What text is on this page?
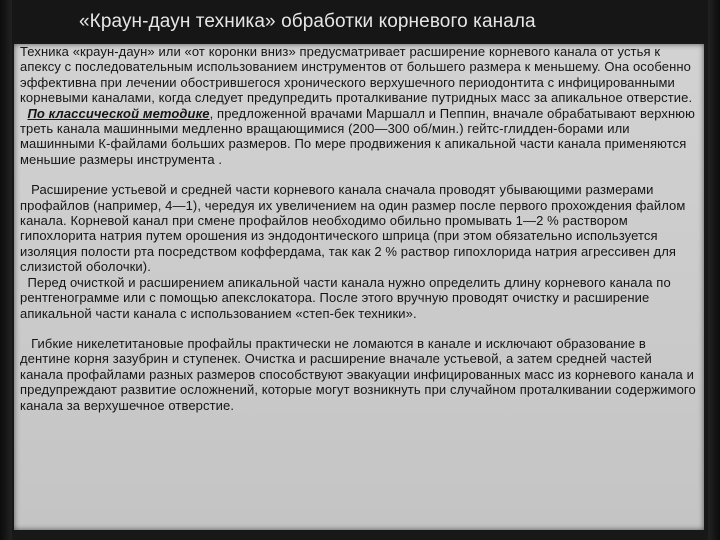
«Краун-даун техника» обработки корневого канала

Техника «краун-даун» или «от коронки вниз» предусматривает расширение корневого канала от устья к апексу с последовательным использованием инструментов от большего размера к меньшему. Она особенно эффективна при лечении обострившегося хронического верхушечного периодонтита с инфицированными корневыми каналами, когда следует предупредить проталкивание путридных масс за апикальное отверстие.

По классической методике, предложенной врачами Маршалл и Пеппин, вначале обрабатывают верхнюю треть канала машинными медленно вращающимися (200—300 об/мин.) гейтс-глидден-борами или машинными К-файлами больших размеров. По мере продвижения к апикальной части канала применяются меньшие размеры инструмента .

Расширение устьевой и средней части корневого канала сначала проводят убывающими размерами профайлов (например, 4—1), чередуя их увеличением на один размер после первого прохождения файлом канала. Корневой канал при смене профайлов необходимо обильно промывать 1—2 % раствором гипохлорита натрия путем орошения из эндодонтического шприца (при этом обязательно используется изоляция полости рта посредством коффердама, так как 2 % раствор гипохлорида натрия агрессивен для слизистой оболочки).

Перед очисткой и расширением апикальной части канала нужно определить длину корневого канала по рентгенограмме или с помощью апекслокатора. После этого вручную проводят очистку и расширение апикальной части канала с использованием «степ-бек техники».

Гибкие никелетитановые профайлы практически не ломаются в канале и исключают образование в дентине корня зазубрин и ступенек. Очистка и расширение вначале устьевой, а затем средней частей канала профайлами разных размеров способствуют эвакуации инфицированных масс из корневого канала и предупреждают развитие осложнений, которые могут возникнуть при случайном проталкивании содержимого канала за верхушечное отверстие.
